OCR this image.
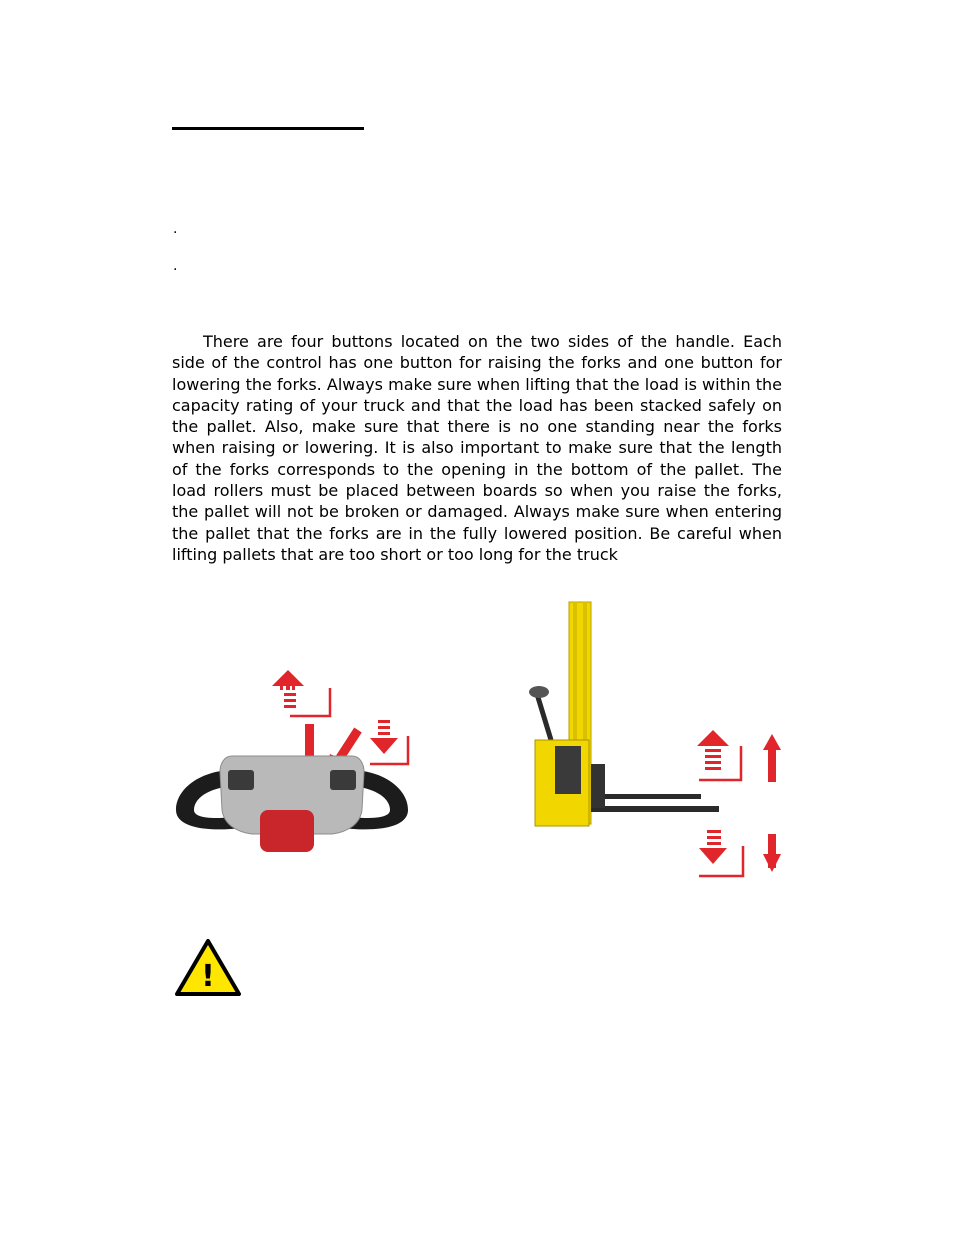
.
.

There are four buttons located on the two sides of the handle. Each side of the control has one button for raising the forks and one button for lowering the forks. Always make sure when lifting that the load is within the capacity rating of your truck and that the load has been stacked safely on the pallet. Also, make sure that there is no one standing near the forks when raising or lowering. It is also important to make sure that the length of the forks corresponds to the opening in the bottom of the pallet. The load rollers must be placed between boards so when you raise the forks, the pallet will not be broken or damaged. Always make sure when entering the pallet that the forks are in the fully lowered position. Be careful when lifting pallets that are too short or too long for the truck

!
